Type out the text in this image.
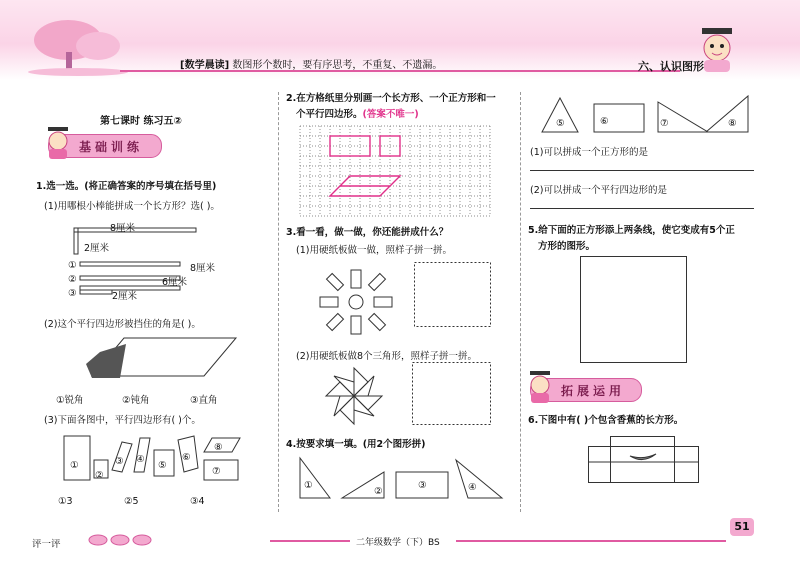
[数学晨读] 数图形个数时，要有序思考，不重复、不遗漏。	六、认识图形
第七课时 练习五②
基础训练
1.选一选。(将正确答案的序号填在括号里)
(1)用哪根小棒能拼成一个长方形？选( )。
8厘米
2厘米
①	8厘米
②	6厘米
③	2厘米
(2)这个平行四边形被挡住的角是( )。
①锐角	②钝角	③直角
(3)下面各图中，平行四边形有( )个。
①
②
③ ④
⑤
⑥
⑧
⑦
①3	②5	③4
2.在方格纸里分别画一个长方形、一个正方形和一
个平行四边形。(答案不唯一)
3.看一看，做一做，你还能拼成什么？
(1)用硬纸板做一做，照样子拼一拼。
(2)用硬纸板做8个三角形，照样子拼一拼。
4.按要求填一填。(用2个图形拼)
①
②
③	④
⑤	⑥	⑦	⑧
(1)可以拼成一个正方形的是
(2)可以拼成一个平行四边形的是
5.给下面的正方形添上两条线，使它变成有5个正
方形的图形。
拓展运用
6.下图中有( )个包含香蕉的长方形。
评一评	二年级数学（下）BS
51
